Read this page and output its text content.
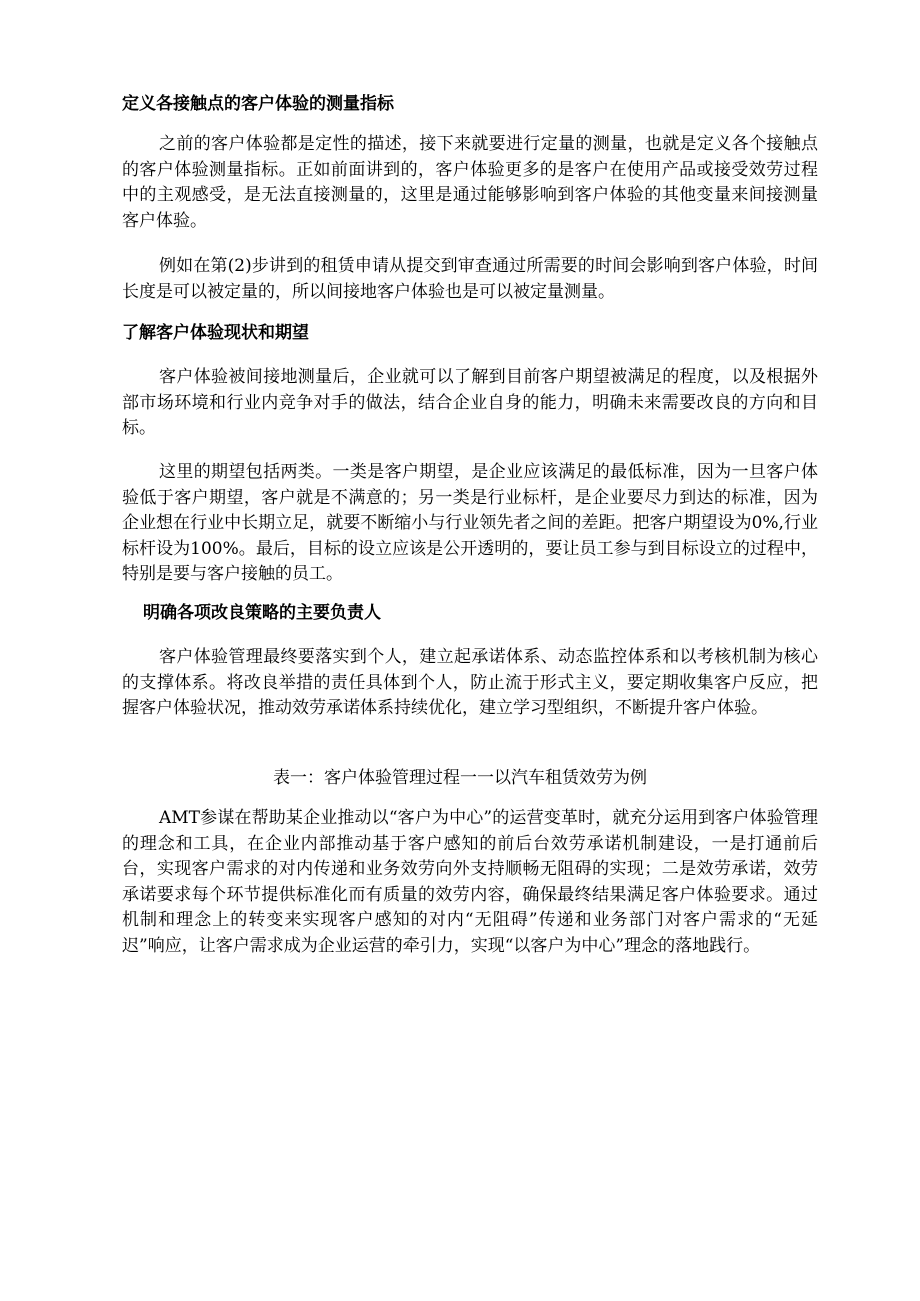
定义各接触点的客户体验的测量指标

之前的客户体验都是定性的描述，接下来就要进行定量的测量，也就是定义各个接触点的客户体验测量指标。正如前面讲到的，客户体验更多的是客户在使用产品或接受效劳过程中的主观感受，是无法直接测量的，这里是通过能够影响到客户体验的其他变量来间接测量客户体验。

例如在第(2)步讲到的租赁申请从提交到审查通过所需要的时间会影响到客户体验，时间长度是可以被定量的，所以间接地客户体验也是可以被定量测量。

了解客户体验现状和期望

客户体验被间接地测量后，企业就可以了解到目前客户期望被满足的程度，以及根据外部市场环境和行业内竞争对手的做法，结合企业自身的能力，明确未来需要改良的方向和目标。

这里的期望包括两类。一类是客户期望，是企业应该满足的最低标准，因为一旦客户体验低于客户期望，客户就是不满意的；另一类是行业标杆，是企业要尽力到达的标准，因为企业想在行业中长期立足，就要不断缩小与行业领先者之间的差距。把客户期望设为0%,行业标杆设为100%。最后，目标的设立应该是公开透明的，要让员工参与到目标设立的过程中，特别是要与客户接触的员工。

明确各项改良策略的主要负责人

客户体验管理最终要落实到个人，建立起承诺体系、动态监控体系和以考核机制为核心的支撑体系。将改良举措的责任具体到个人，防止流于形式主义，要定期收集客户反应，把握客户体验状况，推动效劳承诺体系持续优化，建立学习型组织，不断提升客户体验。

表一：客户体验管理过程一一以汽车租赁效劳为例

AMT参谋在帮助某企业推动以“客户为中心”的运营变革时，就充分运用到客户体验管理的理念和工具，在企业内部推动基于客户感知的前后台效劳承诺机制建设，一是打通前后台，实现客户需求的对内传递和业务效劳向外支持顺畅无阻碍的实现；二是效劳承诺，效劳承诺要求每个环节提供标准化而有质量的效劳内容，确保最终结果满足客户体验要求。通过机制和理念上的转变来实现客户感知的对内“无阻碍”传递和业务部门对客户需求的“无延迟”响应，让客户需求成为企业运营的牵引力，实现“以客户为中心”理念的落地践行。
